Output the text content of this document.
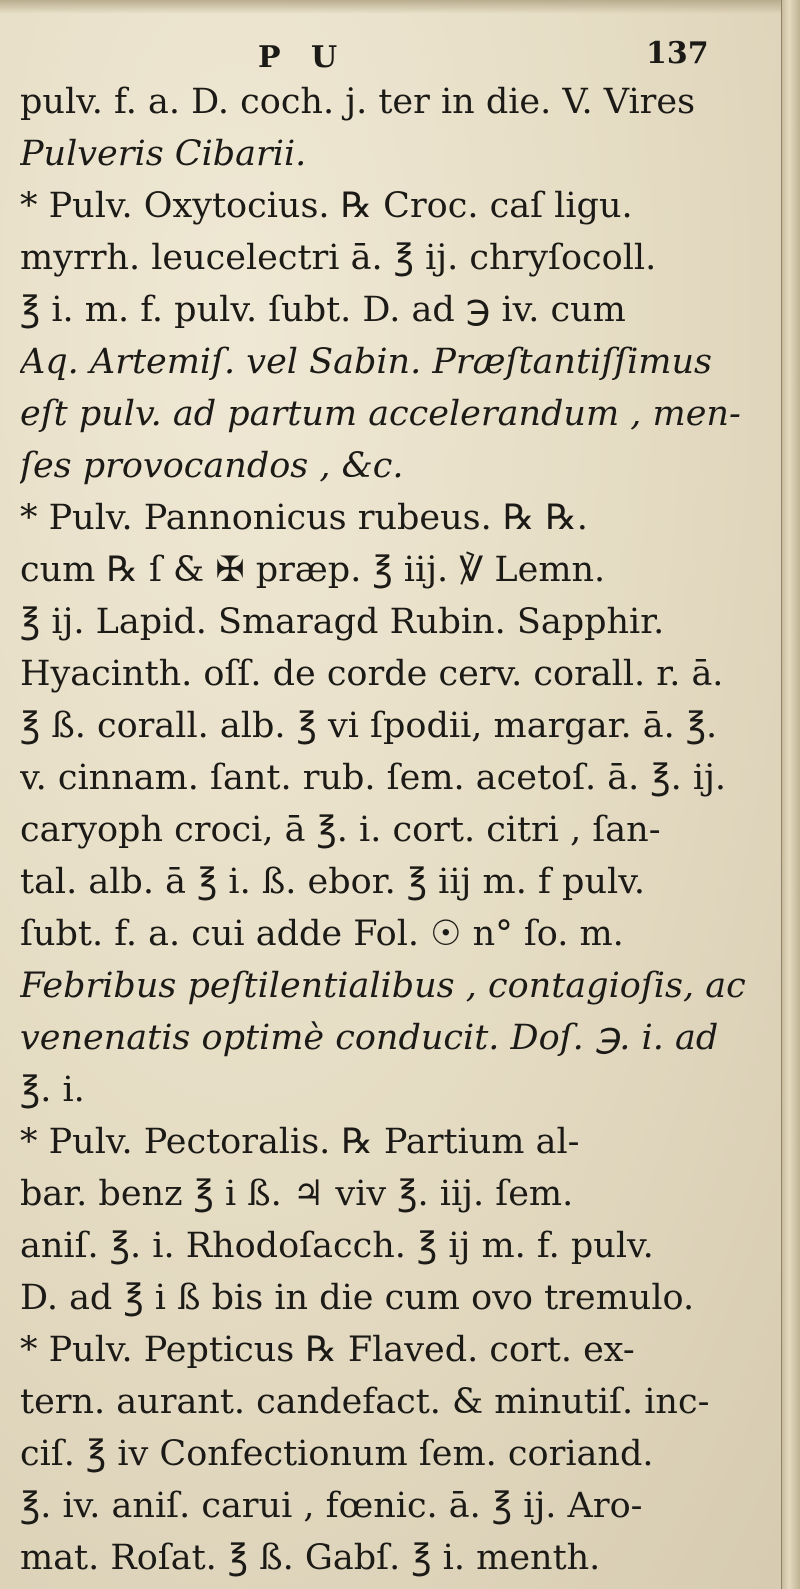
P U	137
pulv. f. a. D. coch. j. ter in die. V. Vires
Pulveris Cibarii.
* Pulv. Oxytocius. ℞ Croc. caſ ligu.
myrrh. leucelectri ā. ℥ ij. chryſocoll.
℥ i. m. f. pulv. ſubt. D. ad ℈ iv. cum
Aq. Artemiſ. vel Sabin. Præſtantiſſimus
eſt pulv. ad partum accelerandum , men-
ſes provocandos , &c.
* Pulv. Pannonicus rubeus. ℞ ℞.
cum ℞ ſ & ✠ præp. ℥ iij. ℣ Lemn.
℥ ij. Lapid. Smaragd Rubin. Sapphir.
Hyacinth. oſſ. de corde cerv. corall. r. ā.
℥ ß. corall. alb. ℥ vi ſpodii, margar. ā. ℥.
v. cinnam. ſant. rub. ſem. acetoſ. ā. ℥. ij.
caryoph croci, ā ℥. i. cort. citri , ſan-
tal. alb. ā ℥ i. ß. ebor. ℥ iij m. f pulv.
ſubt. f. a. cui adde Fol. ☉ n° ſo. m.
Febribus peſtilentialibus , contagioſis, ac
venenatis optimè conducit. Doſ. ℈. i. ad
℥. i.
* Pulv. Pectoralis. ℞ Partium al-
bar. benz ℥ i ß. ♃ viv ℥. iij. ſem.
aniſ. ℥. i. Rhodoſacch. ℥ ij m. f. pulv.
D. ad ℥ i ß bis in die cum ovo tremulo.
* Pulv. Pepticus ℞ Flaved. cort. ex-
tern. aurant. candefact. & minutiſ. inc-
ciſ. ℥ iv Confectionum ſem. coriand.
℥. iv. aniſ. carui , fœnic. ā. ℥ ij. Aro-
mat. Roſat. ℥ ß. Gabſ. ℥ i. menth.
